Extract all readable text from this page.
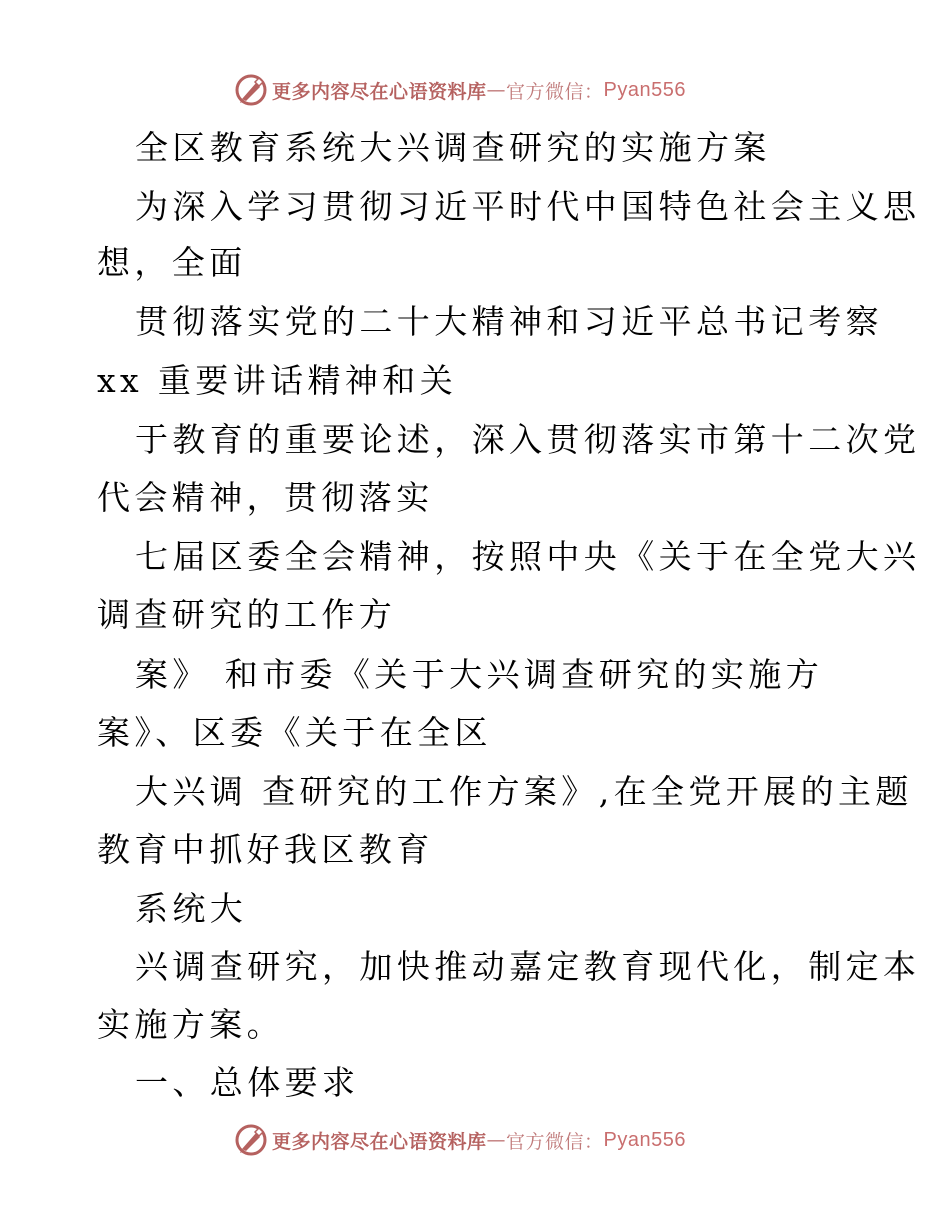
更多内容尽在心语资料库 — 官方微信： Pyan556
全区教育系统大兴调查研究的实施方案
为深入学习贯彻习近平时代中国特色社会主义思
想，全面
贯彻落实党的二十大精神和习近平总书记考察
xx 重要讲话精神和关
于教育的重要论述，深入贯彻落实市第十二次党
代会精神，贯彻落实
七届区委全会精神，按照中央《关于在全党大兴
调查研究的工作方
案》 和市委《关于大兴调查研究的实施方
案》、区委《关于在全区
大兴调 查研究的工作方案》,在全党开展的主题
教育中抓好我区教育
系统大
兴调查研究，加快推动嘉定教育现代化，制定本
实施方案。
一、总体要求
更多内容尽在心语资料库 — 官方微信： Pyan556
